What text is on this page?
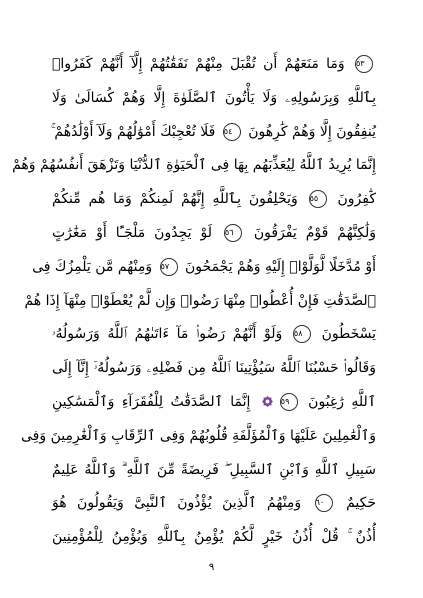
٥٣ وَمَا مَنَعَهُمْ أَن تُقْبَلَ مِنْهُمْ نَفَقَٰتُهُمْ إِلَّآ أَنَّهُمْ كَفَرُوا۟
بِٱللَّهِ وَبِرَسُولِهِۦ وَلَا يَأْتُونَ ٱلصَّلَوٰةَ إِلَّا وَهُمْ كُسَالَىٰ وَلَا
يُنفِقُونَ إِلَّا وَهُمْ كَٰرِهُونَ ٥٤ فَلَا تُعْجِبْكَ أَمْوَٰلُهُمْ وَلَآ أَوْلَٰدُهُمْ ۚ
إِنَّمَا يُرِيدُ ٱللَّهُ لِيُعَذِّبَهُم بِهَا فِى ٱلْحَيَوٰةِ ٱلدُّنْيَا وَتَزْهَقَ أَنفُسُهُمْ وَهُمْ
كَٰفِرُونَ ٥٥ وَيَحْلِفُونَ بِٱللَّهِ إِنَّهُمْ لَمِنكُمْ وَمَا هُم مِّنكُمْ
وَلَٰكِنَّهُمْ قَوْمٌ يَفْرَقُونَ ٥٦ لَوْ يَجِدُونَ مَلْجَـًٔا أَوْ مَغَٰرَٰتٍ
أَوْ مُدَّخَلًا لَّوَلَّوْا۟ إِلَيْهِ وَهُمْ يَجْمَحُونَ ٥٧ وَمِنْهُم مَّن يَلْمِزُكَ فِى
ٱلصَّدَقَٰتِ فَإِنْ أُعْطُوا۟ مِنْهَا رَضُوا۟ وَإِن لَّمْ يُعْطَوْا۟ مِنْهَآ إِذَا هُمْ
يَسْخَطُونَ ٥٨ وَلَوْ أَنَّهُمْ رَضُوا۟ مَآ ءَاتَىٰهُمُ ٱللَّهُ وَرَسُولُهُۥ
وَقَالُوا۟ حَسْبُنَا ٱللَّهُ سَيُؤْتِينَا ٱللَّهُ مِن فَضْلِهِۦ وَرَسُولُهُۥٓ إِنَّآ إِلَى
ٱللَّهِ رَٰغِبُونَ ٥٩ إِنَّمَا ٱلصَّدَقَٰتُ لِلْفُقَرَآءِ وَٱلْمَسَٰكِينِ
وَٱلْعَٰمِلِينَ عَلَيْهَا وَٱلْمُؤَلَّفَةِ قُلُوبُهُمْ وَفِى ٱلرِّقَابِ وَٱلْغَٰرِمِينَ وَفِى
سَبِيلِ ٱللَّهِ وَٱبْنِ ٱلسَّبِيلِ ۖ فَرِيضَةً مِّنَ ٱللَّهِ ۗ وَٱللَّهُ عَلِيمٌ
حَكِيمٌ ٦٠ وَمِنْهُمُ ٱلَّذِينَ يُؤْذُونَ ٱلنَّبِىَّ وَيَقُولُونَ هُوَ
أُذُنٌ ۚ قُلْ أُذُنُ خَيْرٍ لَّكُمْ يُؤْمِنُ بِٱللَّهِ وَيُؤْمِنُ لِلْمُؤْمِنِينَ
٩
